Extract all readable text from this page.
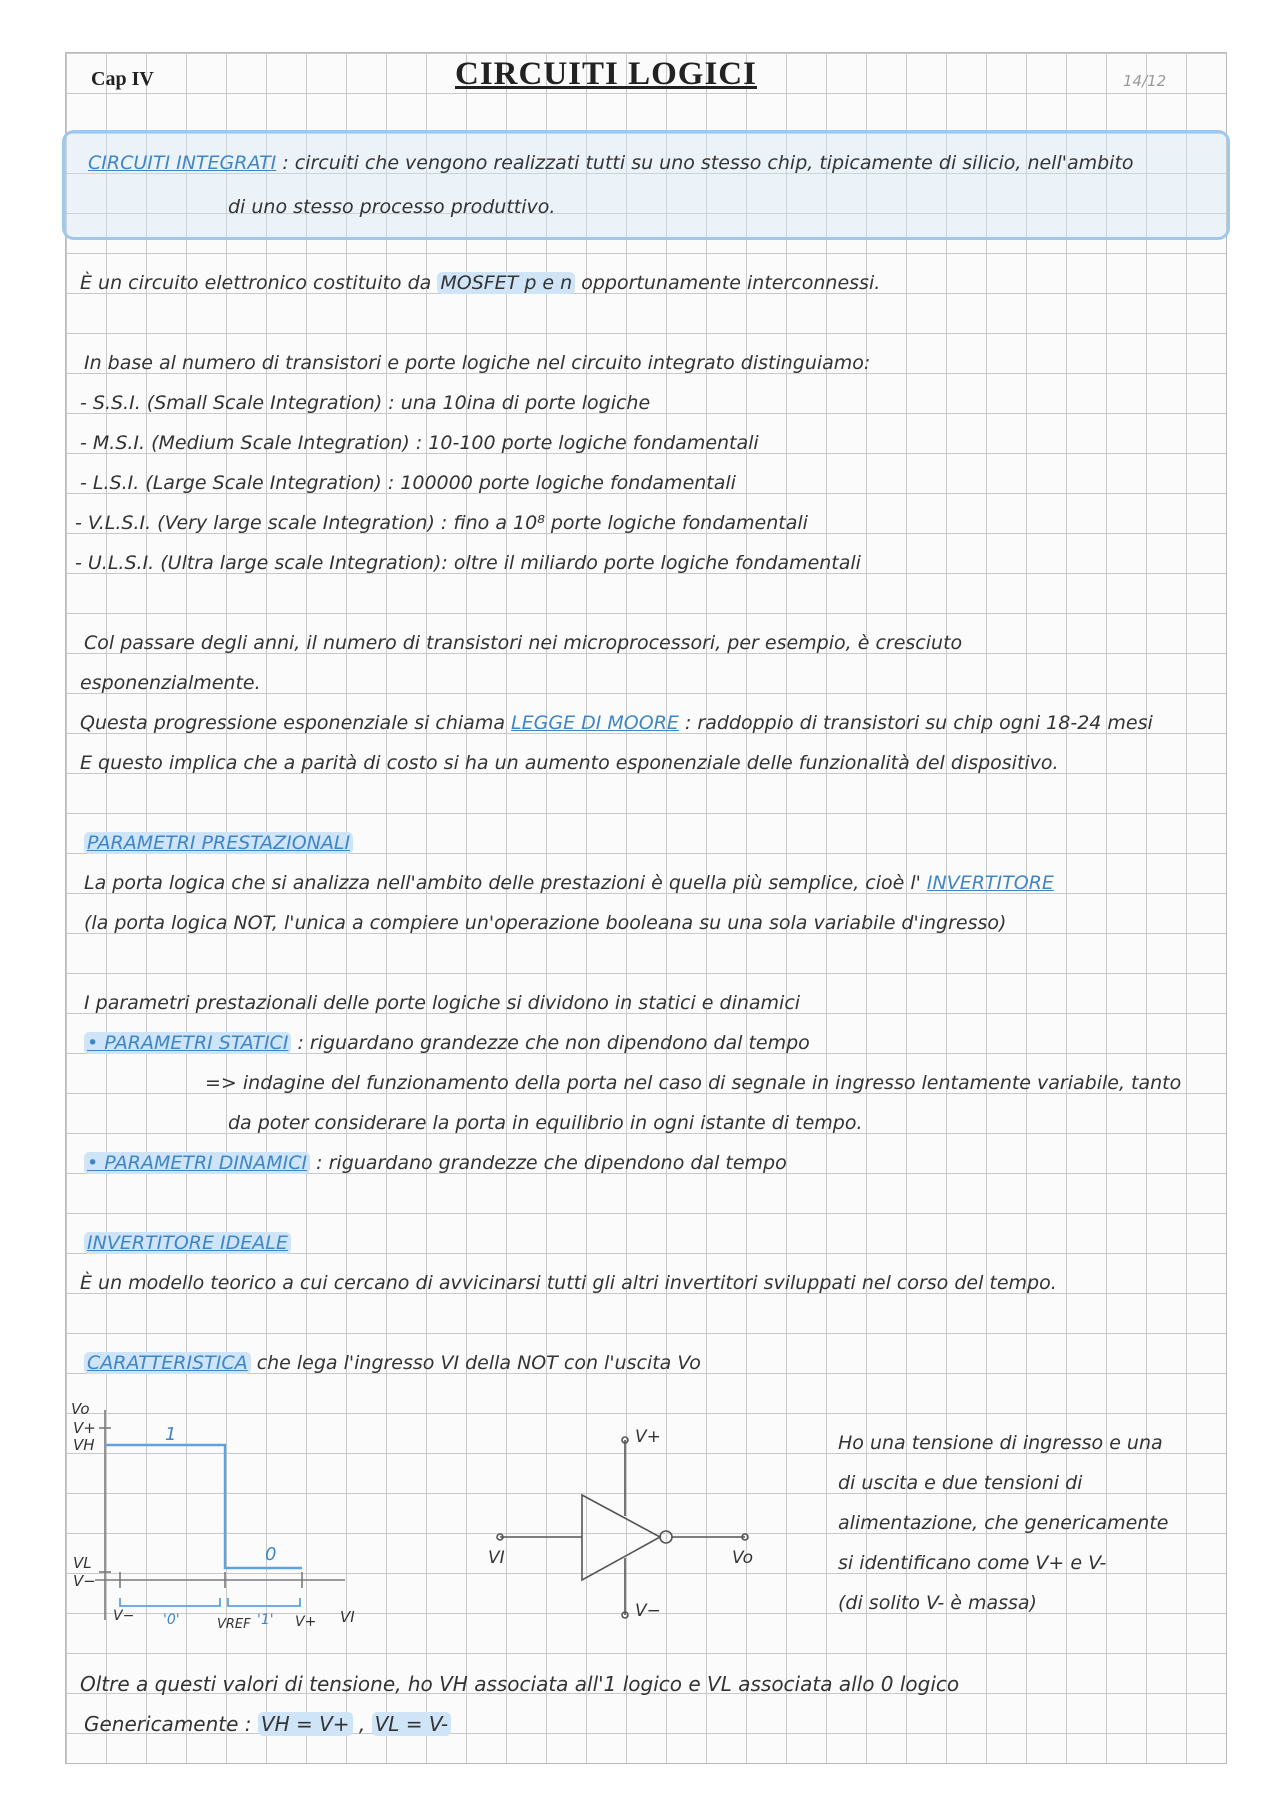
Cap IV	CIRCUITI LOGICI	14/12
CIRCUITI INTEGRATI : circuiti che vengono realizzati tutti su uno stesso chip, tipicamente di silicio, nell'ambito
di uno stesso processo produttivo.
È un circuito elettronico costituito da MOSFET p e n opportunamente interconnessi.
In base al numero di transistori e porte logiche nel circuito integrato distinguiamo:
- S.S.I. (Small Scale Integration) : una 10ina di porte logiche
- M.S.I. (Medium Scale Integration) : 10-100 porte logiche fondamentali
- L.S.I. (Large Scale Integration) : 100000 porte logiche fondamentali
- V.L.S.I. (Very large scale Integration) : fino a 10⁸ porte logiche fondamentali
- U.L.S.I. (Ultra large scale Integration): oltre il miliardo porte logiche fondamentali
Col passare degli anni, il numero di transistori nei microprocessori, per esempio, è cresciuto
esponenzialmente.
Questa progressione esponenziale si chiama LEGGE DI MOORE : raddoppio di transistori su chip ogni 18-24 mesi
E questo implica che a parità di costo si ha un aumento esponenziale delle funzionalità del dispositivo.
PARAMETRI PRESTAZIONALI
La porta logica che si analizza nell'ambito delle prestazioni è quella più semplice, cioè l' INVERTITORE
(la porta logica NOT, l'unica a compiere un'operazione booleana su una sola variabile d'ingresso)
I parametri prestazionali delle porte logiche si dividono in statici e dinamici
• PARAMETRI STATICI : riguardano grandezze che non dipendono dal tempo
=> indagine del funzionamento della porta nel caso di segnale in ingresso lentamente variabile, tanto
da poter considerare la porta in equilibrio in ogni istante di tempo.
• PARAMETRI DINAMICI : riguardano grandezze che dipendono dal tempo
INVERTITORE IDEALE
È un modello teorico a cui cercano di avvicinarsi tutti gli altri invertitori sviluppati nel corso del tempo.
CARATTERISTICA che lega l'ingresso VI della NOT con l'uscita Vo
Vo
V+
VH
VL
V−
V−
VREF	V+ VI
1
0
'0'	'1'
V+
V−
VI	Vo
Ho una tensione di ingresso e una
di uscita e due tensioni di
alimentazione, che genericamente
si identificano come V+ e V-
(di solito V- è massa)
Oltre a questi valori di tensione, ho VH associata all'1 logico e VL associata allo 0 logico
Genericamente : VH = V+ , VL = V-
